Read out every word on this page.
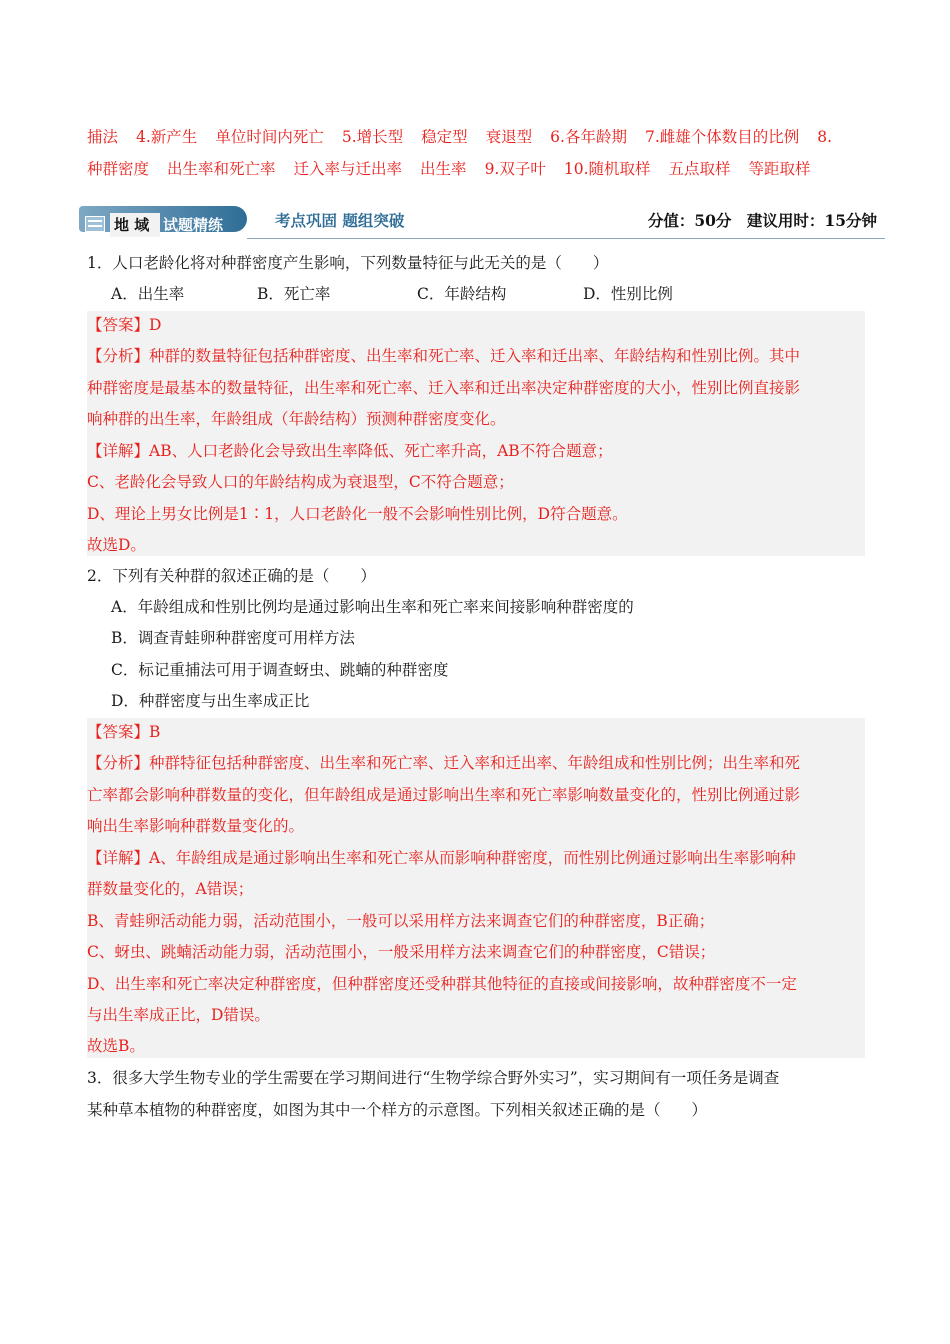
捕法 4.新产生 单位时间内死亡 5.增长型 稳定型 衰退型 6.各年龄期 7.雌雄个体数目的比例 8.
种群密度 出生率和死亡率 迁入率与迁出率 出生率 9.双子叶 10.随机取样 五点取样 等距取样
试题精练
地 域	考点巩固 题组突破	分值：50分　建议用时：15分钟
1．人口老龄化将对种群密度产生影响，下列数量特征与此无关的是（　　）
A．出生率	B．死亡率	C．年龄结构	D．性别比例
【答案】D
【分析】种群的数量特征包括种群密度、出生率和死亡率、迁入率和迁出率、年龄结构和性别比例。其中
种群密度是最基本的数量特征，出生率和死亡率、迁入率和迁出率决定种群密度的大小，性别比例直接影
响种群的出生率，年龄组成（年龄结构）预测种群密度变化。
【详解】AB、人口老龄化会导致出生率降低、死亡率升高，AB不符合题意；
C、老龄化会导致人口的年龄结构成为衰退型，C不符合题意；
D、理论上男女比例是1∶1，人口老龄化一般不会影响性别比例，D符合题意。
故选D。
2．下列有关种群的叙述正确的是（　　）
A．年龄组成和性别比例均是通过影响出生率和死亡率来间接影响种群密度的
B．调查青蛙卵种群密度可用样方法
C．标记重捕法可用于调查蚜虫、跳蝻的种群密度
D．种群密度与出生率成正比
【答案】B
【分析】种群特征包括种群密度、出生率和死亡率、迁入率和迁出率、年龄组成和性别比例；出生率和死
亡率都会影响种群数量的变化，但年龄组成是通过影响出生率和死亡率影响数量变化的，性别比例通过影
响出生率影响种群数量变化的。
【详解】A、年龄组成是通过影响出生率和死亡率从而影响种群密度，而性别比例通过影响出生率影响种
群数量变化的，A错误；
B、青蛙卵活动能力弱，活动范围小，一般可以采用样方法来调查它们的种群密度，B正确；
C、蚜虫、跳蝻活动能力弱，活动范围小，一般采用样方法来调查它们的种群密度，C错误；
D、出生率和死亡率决定种群密度，但种群密度还受种群其他特征的直接或间接影响，故种群密度不一定
与出生率成正比，D错误。
故选B。
3．很多大学生物专业的学生需要在学习期间进行“生物学综合野外实习”，实习期间有一项任务是调查
某种草本植物的种群密度，如图为其中一个样方的示意图。下列相关叙述正确的是（　　）
